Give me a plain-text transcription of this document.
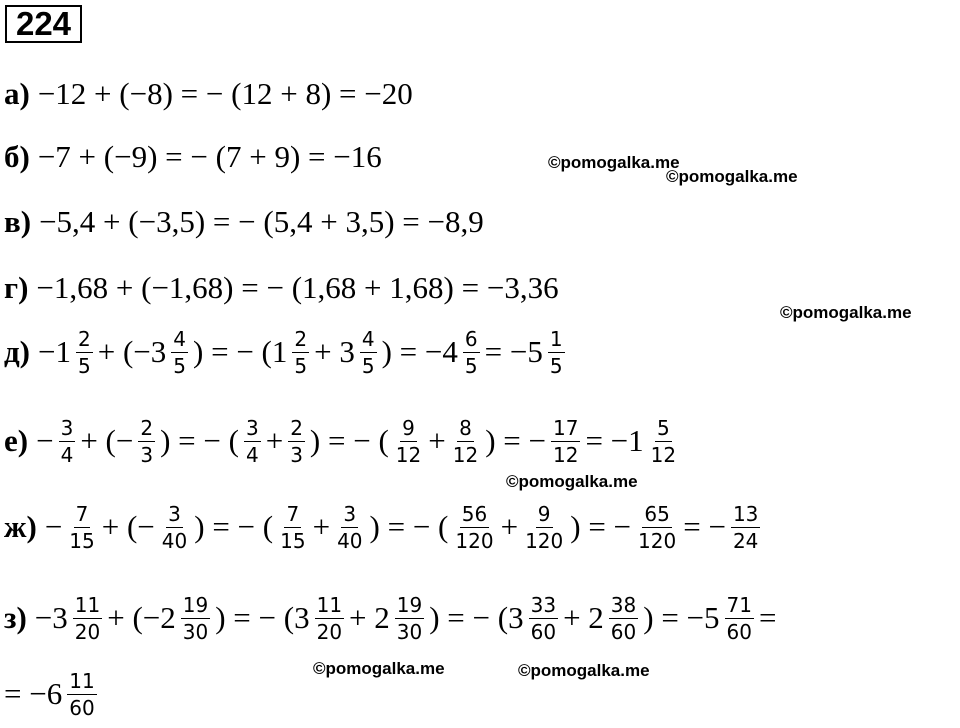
224
а) −12 + (−8) = − (12 + 8) = −20
б) −7 + (−9) = − (7 + 9) = −16
в) −5,4 + (−3,5) = − (5,4 + 3,5) = −8,9
г) −1,68 + (−1,68) = − (1,68 + 1,68) = −3,36
$д) -1 \frac{2}{5} + (-3 \frac{4}{5}$ ) = − ($1 \frac{2}{5} + 3 \frac{4}{5}$ ) = $-4 \frac{6}{5} = -5 \frac{1}{5}$
$е) - \frac{3}{4}$ + (− $\frac{2}{3}$ ) = − ( $\frac{3}{4} + \frac{2}{3}$ ) = − ( $\frac{9}{12} + \frac{8}{12}$ ) = − $\frac{17}{12} = -1 \frac{5}{12}$
$ж) - \frac{7}{15}$ + (− $\frac{3}{40}$ ) = − ( $\frac{7}{15} + \frac{3}{40}$ ) = − ( $\frac{56}{120} + \frac{9}{120}$ ) = − $\frac{65}{120}$ = − $\frac{13}{24}$
$з) -3 \frac{11}{20} + (-2 \frac{19}{30}$ ) = − ($3 \frac{11}{20} + 2 \frac{19}{30}$ ) = − ($3 \frac{33}{60} + 2 \frac{38}{60}$ ) = $-5 \frac{71}{60}$ =
= $-6 \frac{11}{60}$
©pomogalka.me
©pomogalka.me
©pomogalka.me
©pomogalka.me
©pomogalka.me	©pomogalka.me
